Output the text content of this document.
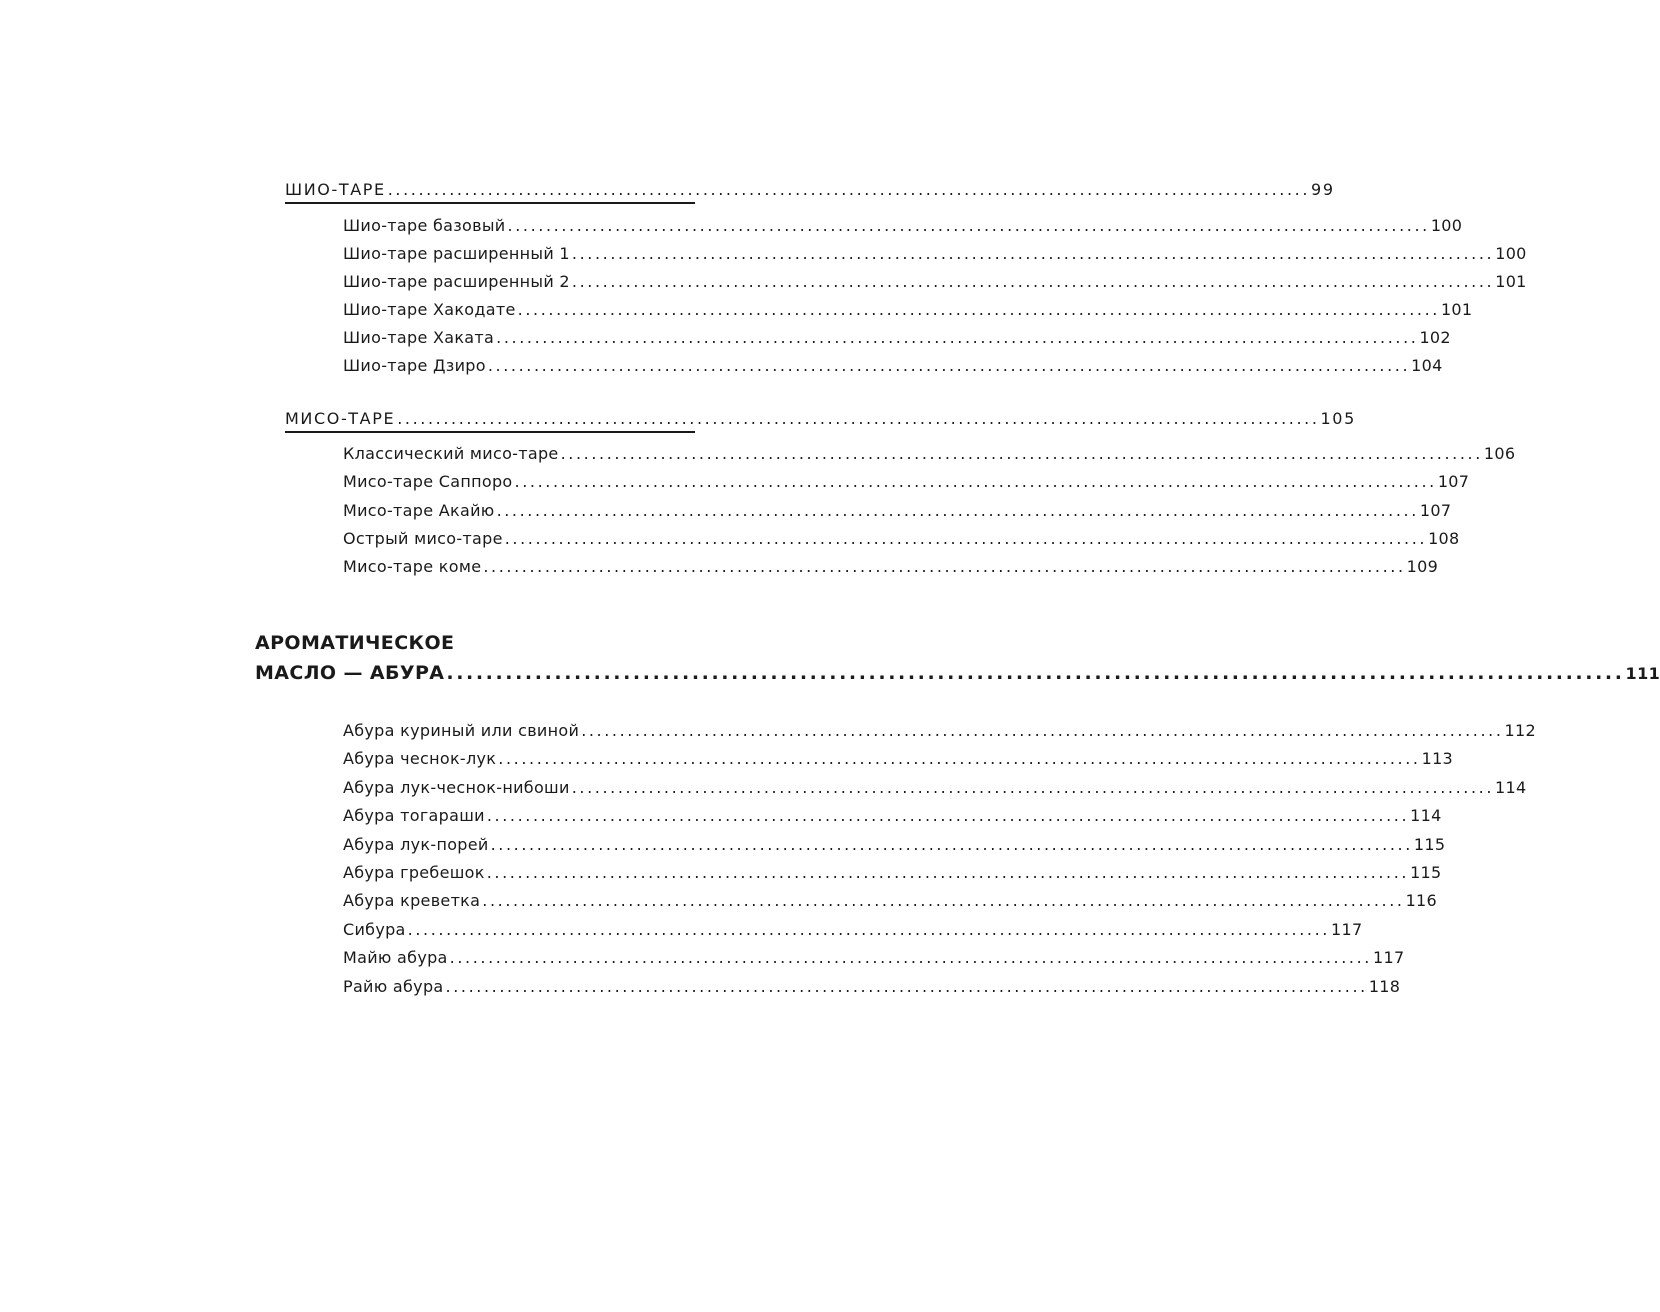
ШИО-ТАРЕ ........................................................................................................................ 99
Шио-таре базовый ........................................................................................................................ 100
Шио-таре расширенный 1 ........................................................................................................................ 100
Шио-таре расширенный 2 ........................................................................................................................ 101
Шио-таре Хакодате ........................................................................................................................ 101
Шио-таре Хаката ........................................................................................................................ 102
Шио-таре Дзиро ........................................................................................................................ 104
МИСО-ТАРЕ ........................................................................................................................ 105
Классический мисо-таре ........................................................................................................................ 106
Мисо-таре Саппоро ........................................................................................................................ 107
Мисо-таре Акайю ........................................................................................................................ 107
Острый мисо-таре ........................................................................................................................ 108
Мисо-таре коме ........................................................................................................................ 109
АРОМАТИЧЕСКОЕ
МАСЛО — АБУРА ........................................................................................................................ 111
Абура куриный или свиной ........................................................................................................................ 112
Абура чеснок-лук ........................................................................................................................ 113
Абура лук-чеснок-нибоши ........................................................................................................................ 114
Абура тогараши ........................................................................................................................ 114
Абура лук-порей ........................................................................................................................ 115
Абура гребешок ........................................................................................................................ 115
Абура креветка ........................................................................................................................ 116
Сибура ........................................................................................................................ 117
Майю абура ........................................................................................................................ 117
Райю абура ........................................................................................................................ 118
